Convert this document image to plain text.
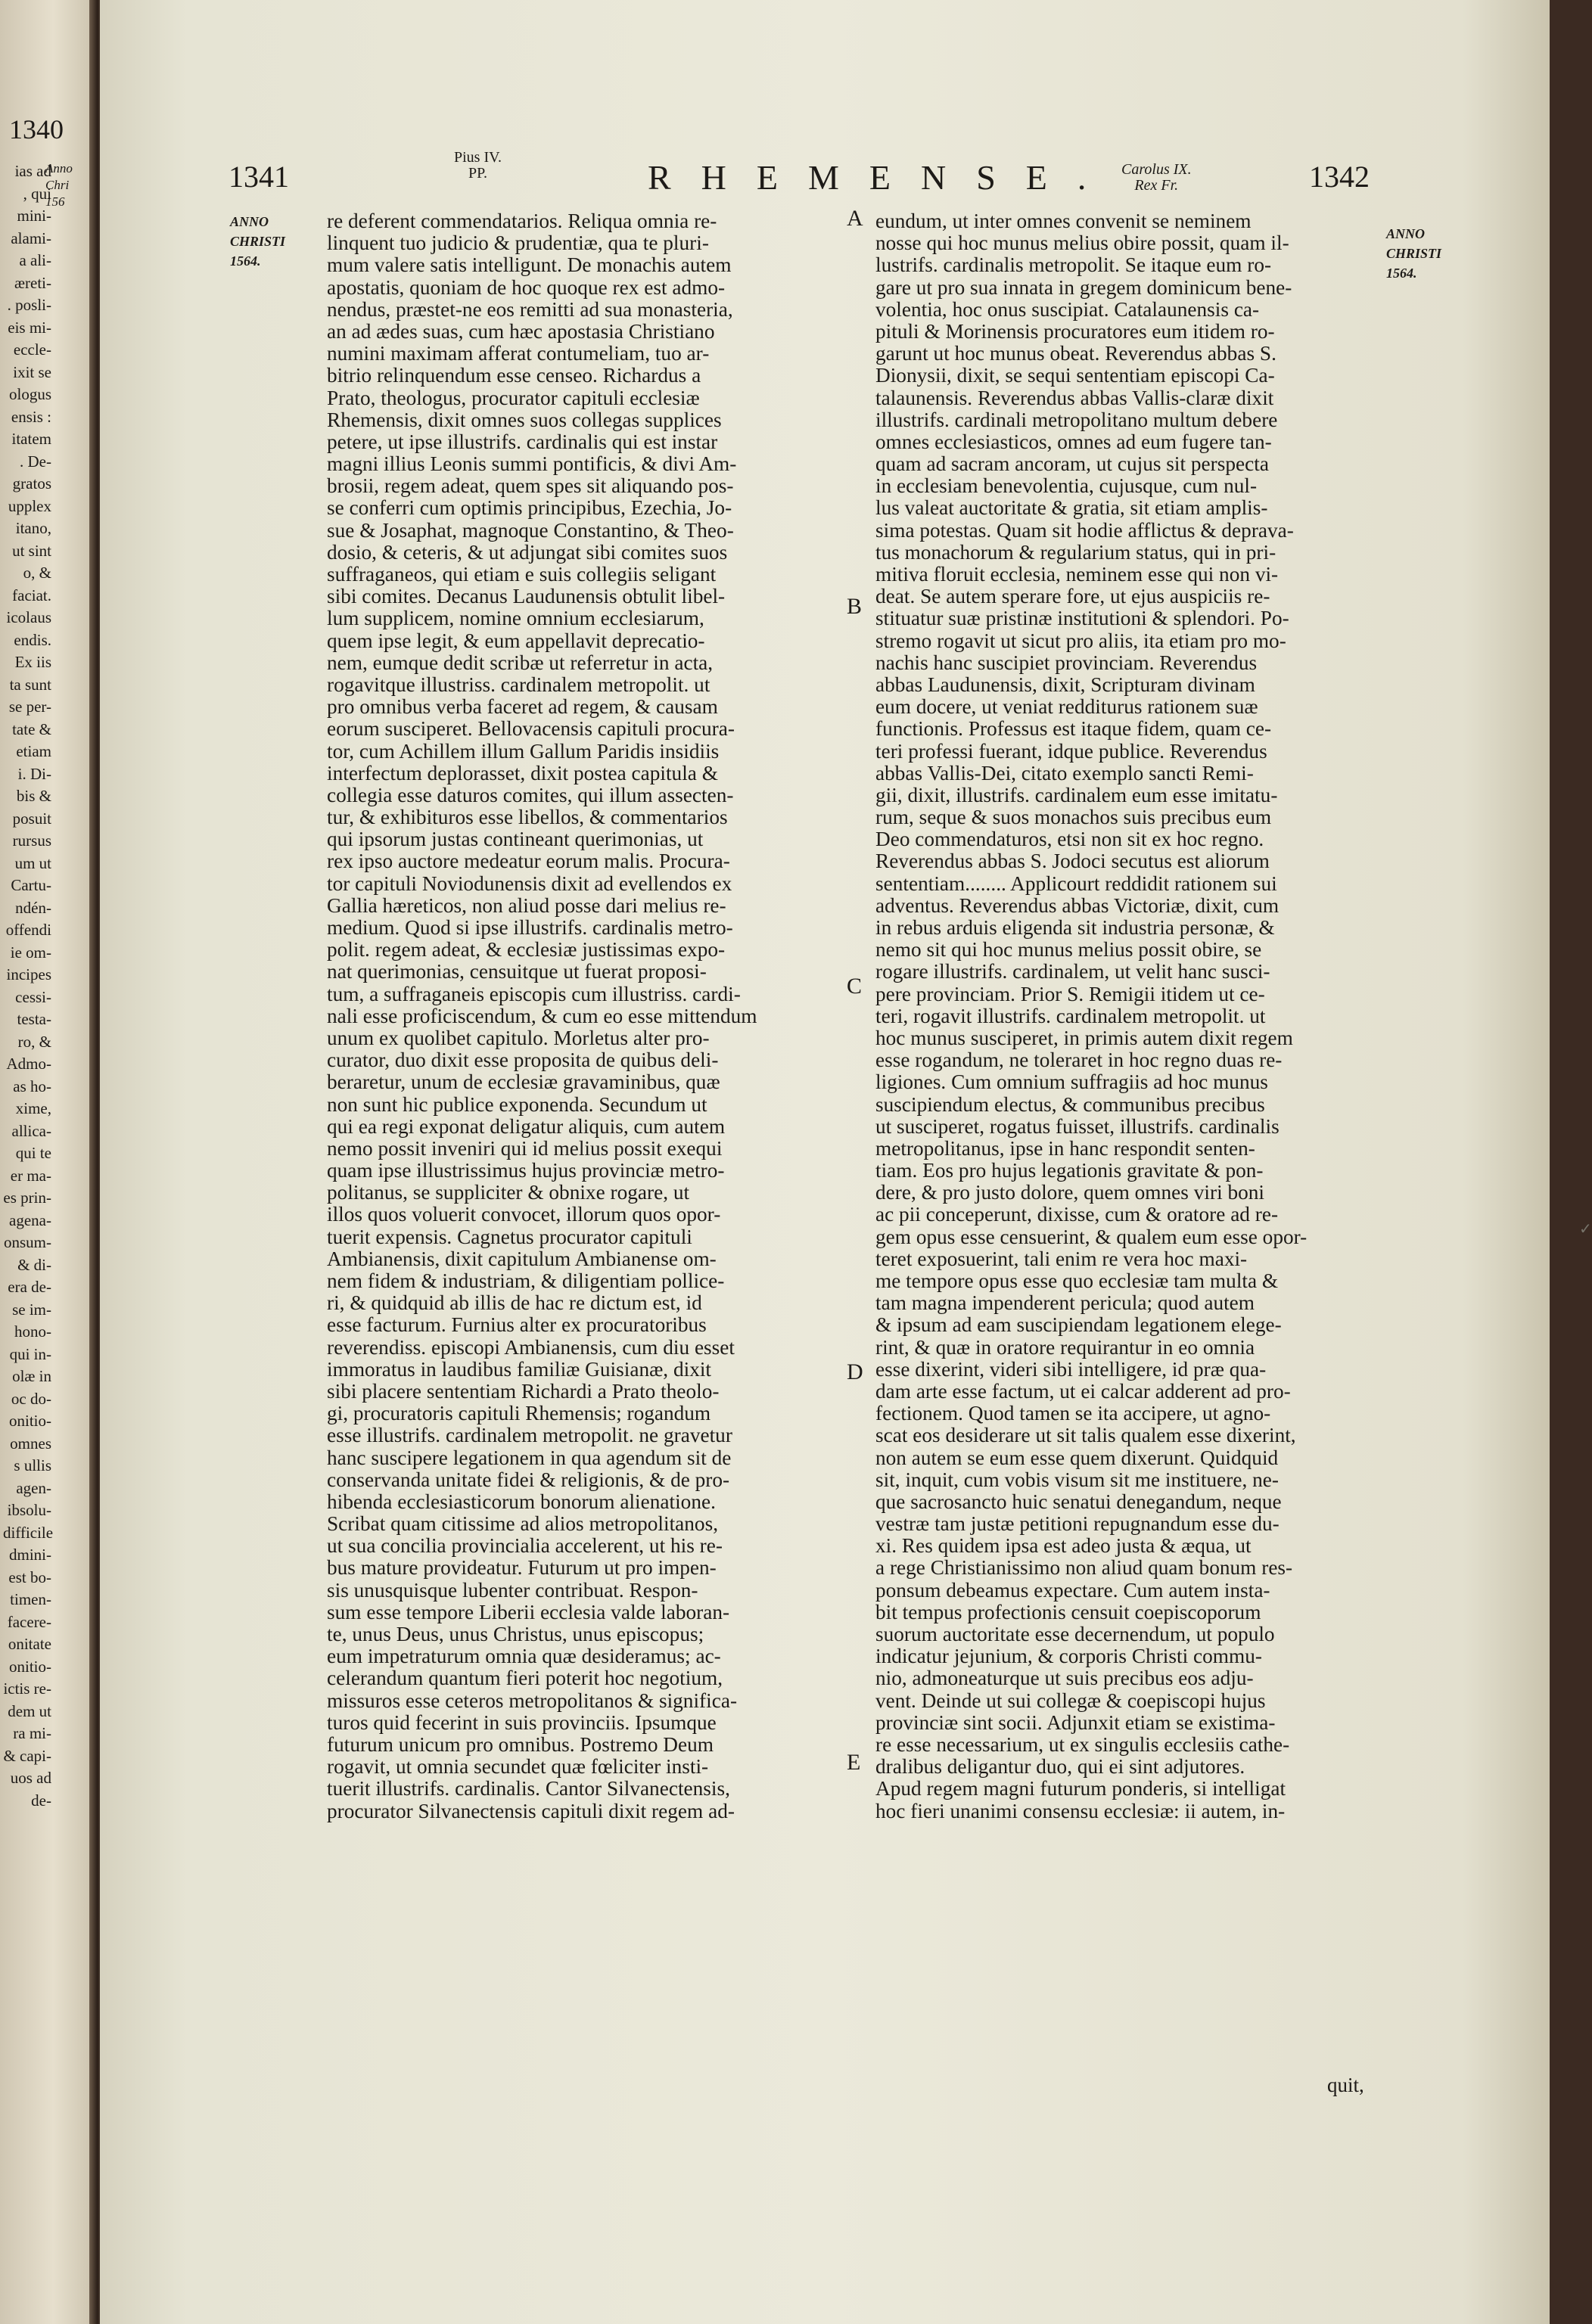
1340
ias ad
, qui
mini-
alami-
a ali-
æreti-
. posli-
eis mi-
eccle-
ixit se
ologus
ensis :
itatem
. De-
gratos
upplex
itano,
ut sint
o, &
faciat.
icolaus
endis.
Ex iis
ta sunt
se per-
tate &
etiam
i. Di-
bis &
posuit
rursus
um ut
Cartu-
ndén-
offendi
ie om-
incipes
cessi-
testa-
ro, &
Admo-
as ho-
xime,
allica-
qui te
er ma-
es prin-
agena-
onsum-
& di-
era de-
se im-
hono-
qui in-
olæ in
oc do-
onitio-
omnes
s ullis
agen-
ibsolu-
difficile
dmini-
est bo-
timen-
facere-
onitate
onitio-
ictis re-
dem ut
ra mi-
& capi-
uos ad
de-
Anno
Chri
156
1341
Pius IV.
PP.	RHEMENSE. Carolus IX.
Rex Fr.	1342
ANNO
CHRISTI
1564.
ANNO
CHRISTI
1564.
re deferent commendatarios. Reliqua omnia re-
linquent tuo judicio & prudentiæ, qua te pluri-
mum valere satis intelligunt. De monachis autem
apostatis, quoniam de hoc quoque rex est admo-
nendus, præstet-ne eos remitti ad sua monasteria,
an ad ædes suas, cum hæc apostasia Christiano
numini maximam afferat contumeliam, tuo ar-
bitrio relinquendum esse censeo. Richardus a
Prato, theologus, procurator capituli ecclesiæ
Rhemensis, dixit omnes suos collegas supplices
petere, ut ipse illustrifs. cardinalis qui est instar
magni illius Leonis summi pontificis, & divi Am-
brosii, regem adeat, quem spes sit aliquando pos-
se conferri cum optimis principibus, Ezechia, Jo-
sue & Josaphat, magnoque Constantino, & Theo-
dosio, & ceteris, & ut adjungat sibi comites suos
suffraganeos, qui etiam e suis collegiis seligant
sibi comites. Decanus Laudunensis obtulit libel-
lum supplicem, nomine omnium ecclesiarum,
quem ipse legit, & eum appellavit deprecatio-
nem, eumque dedit scribæ ut referretur in acta,
rogavitque illustriss. cardinalem metropolit. ut
pro omnibus verba faceret ad regem, & causam
eorum susciperet. Bellovacensis capituli procura-
tor, cum Achillem illum Gallum Paridis insidiis
interfectum deplorasset, dixit postea capitula &
collegia esse daturos comites, qui illum assecten-
tur, & exhibituros esse libellos, & commentarios
qui ipsorum justas contineant querimonias, ut
rex ipso auctore medeatur eorum malis. Procura-
tor capituli Noviodunensis dixit ad evellendos ex
Gallia hæreticos, non aliud posse dari melius re-
medium. Quod si ipse illustrifs. cardinalis metro-
polit. regem adeat, & ecclesiæ justissimas expo-
nat querimonias, censuitque ut fuerat proposi-
tum, a suffraganeis episcopis cum illustriss. cardi-
nali esse proficiscendum, & cum eo esse mittendum
unum ex quolibet capitulo. Morletus alter pro-
curator, duo dixit esse proposita de quibus deli-
beraretur, unum de ecclesiæ gravaminibus, quæ
non sunt hic publice exponenda. Secundum ut
qui ea regi exponat deligatur aliquis, cum autem
nemo possit inveniri qui id melius possit exequi
quam ipse illustrissimus hujus provinciæ metro-
politanus, se suppliciter & obnixe rogare, ut
illos quos voluerit convocet, illorum quos opor-
tuerit expensis. Cagnetus procurator capituli
Ambianensis, dixit capitulum Ambianense om-
nem fidem & industriam, & diligentiam pollice-
ri, & quidquid ab illis de hac re dictum est, id
esse facturum. Furnius alter ex procuratoribus
reverendiss. episcopi Ambianensis, cum diu esset
immoratus in laudibus familiæ Guisianæ, dixit
sibi placere sententiam Richardi a Prato theolo-
gi, procuratoris capituli Rhemensis; rogandum
esse illustrifs. cardinalem metropolit. ne gravetur
hanc suscipere legationem in qua agendum sit de
conservanda unitate fidei & religionis, & de pro-
hibenda ecclesiasticorum bonorum alienatione.
Scribat quam citissime ad alios metropolitanos,
ut sua concilia provincialia accelerent, ut his re-
bus mature provideatur. Futurum ut pro impen-
sis unusquisque lubenter contribuat. Respon-
sum esse tempore Liberii ecclesia valde laboran-
te, unus Deus, unus Christus, unus episcopus;
eum impetraturum omnia quæ desideramus; ac-
celerandum quantum fieri poterit hoc negotium,
missuros esse ceteros metropolitanos & significa-
turos quid fecerint in suis provinciis. Ipsumque
futurum unicum pro omnibus. Postremo Deum
rogavit, ut omnia secundet quæ fœliciter insti-
tuerit illustrifs. cardinalis. Cantor Silvanectensis,
procurator Silvanectensis capituli dixit regem ad-
eundum, ut inter omnes convenit se neminem
nosse qui hoc munus melius obire possit, quam il-
lustrifs. cardinalis metropolit. Se itaque eum ro-
gare ut pro sua innata in gregem dominicum bene-
volentia, hoc onus suscipiat. Catalaunensis ca-
pituli & Morinensis procuratores eum itidem ro-
garunt ut hoc munus obeat. Reverendus abbas S.
Dionysii, dixit, se sequi sententiam episcopi Ca-
talaunensis. Reverendus abbas Vallis-claræ dixit
illustrifs. cardinali metropolitano multum debere
omnes ecclesiasticos, omnes ad eum fugere tan-
quam ad sacram ancoram, ut cujus sit perspecta
in ecclesiam benevolentia, cujusque, cum nul-
lus valeat auctoritate & gratia, sit etiam amplis-
sima potestas. Quam sit hodie afflictus & deprava-
tus monachorum & regularium status, qui in pri-
mitiva floruit ecclesia, neminem esse qui non vi-
deat. Se autem sperare fore, ut ejus auspiciis re-
stituatur suæ pristinæ institutioni & splendori. Po-
stremo rogavit ut sicut pro aliis, ita etiam pro mo-
nachis hanc suscipiet provinciam. Reverendus
abbas Laudunensis, dixit, Scripturam divinam
eum docere, ut veniat redditurus rationem suæ
functionis. Professus est itaque fidem, quam ce-
teri professi fuerant, idque publice. Reverendus
abbas Vallis-Dei, citato exemplo sancti Remi-
gii, dixit, illustrifs. cardinalem eum esse imitatu-
rum, seque & suos monachos suis precibus eum
Deo commendaturos, etsi non sit ex hoc regno.
Reverendus abbas S. Jodoci secutus est aliorum
sententiam........ Applicourt reddidit rationem sui
adventus. Reverendus abbas Victoriæ, dixit, cum
in rebus arduis eligenda sit industria personæ, &
nemo sit qui hoc munus melius possit obire, se
rogare illustrifs. cardinalem, ut velit hanc susci-
pere provinciam. Prior S. Remigii itidem ut ce-
teri, rogavit illustrifs. cardinalem metropolit. ut
hoc munus susciperet, in primis autem dixit regem
esse rogandum, ne toleraret in hoc regno duas re-
ligiones. Cum omnium suffragiis ad hoc munus
suscipiendum electus, & communibus precibus
ut susciperet, rogatus fuisset, illustrifs. cardinalis
metropolitanus, ipse in hanc respondit senten-
tiam. Eos pro hujus legationis gravitate & pon-
dere, & pro justo dolore, quem omnes viri boni
ac pii conceperunt, dixisse, cum & oratore ad re-
gem opus esse censuerint, & qualem eum esse opor-
teret exposuerint, tali enim re vera hoc maxi-
me tempore opus esse quo ecclesiæ tam multa &
tam magna impenderent pericula; quod autem
& ipsum ad eam suscipiendam legationem elege-
rint, & quæ in oratore requirantur in eo omnia
esse dixerint, videri sibi intelligere, id præ qua-
dam arte esse factum, ut ei calcar adderent ad pro-
fectionem. Quod tamen se ita accipere, ut agno-
scat eos desiderare ut sit talis qualem esse dixerint,
non autem se eum esse quem dixerunt. Quidquid
sit, inquit, cum vobis visum sit me instituere, ne-
que sacrosancto huic senatui denegandum, neque
vestræ tam justæ petitioni repugnandum esse du-
xi. Res quidem ipsa est adeo justa & æqua, ut
a rege Christianissimo non aliud quam bonum res-
ponsum debeamus expectare. Cum autem insta-
bit tempus profectionis censuit coepiscoporum
suorum auctoritate esse decernendum, ut populo
indicatur jejunium, & corporis Christi commu-
nio, admoneaturque ut suis precibus eos adju-
vent. Deinde ut sui collegæ & coepiscopi hujus
provinciæ sint socii. Adjunxit etiam se existima-
re esse necessarium, ut ex singulis ecclesiis cathe-
dralibus deligantur duo, qui ei sint adjutores.
Apud regem magni futurum ponderis, si intelligat
hoc fieri unanimi consensu ecclesiæ: ii autem, in-
A
B
C
D
E
quit,
✓
